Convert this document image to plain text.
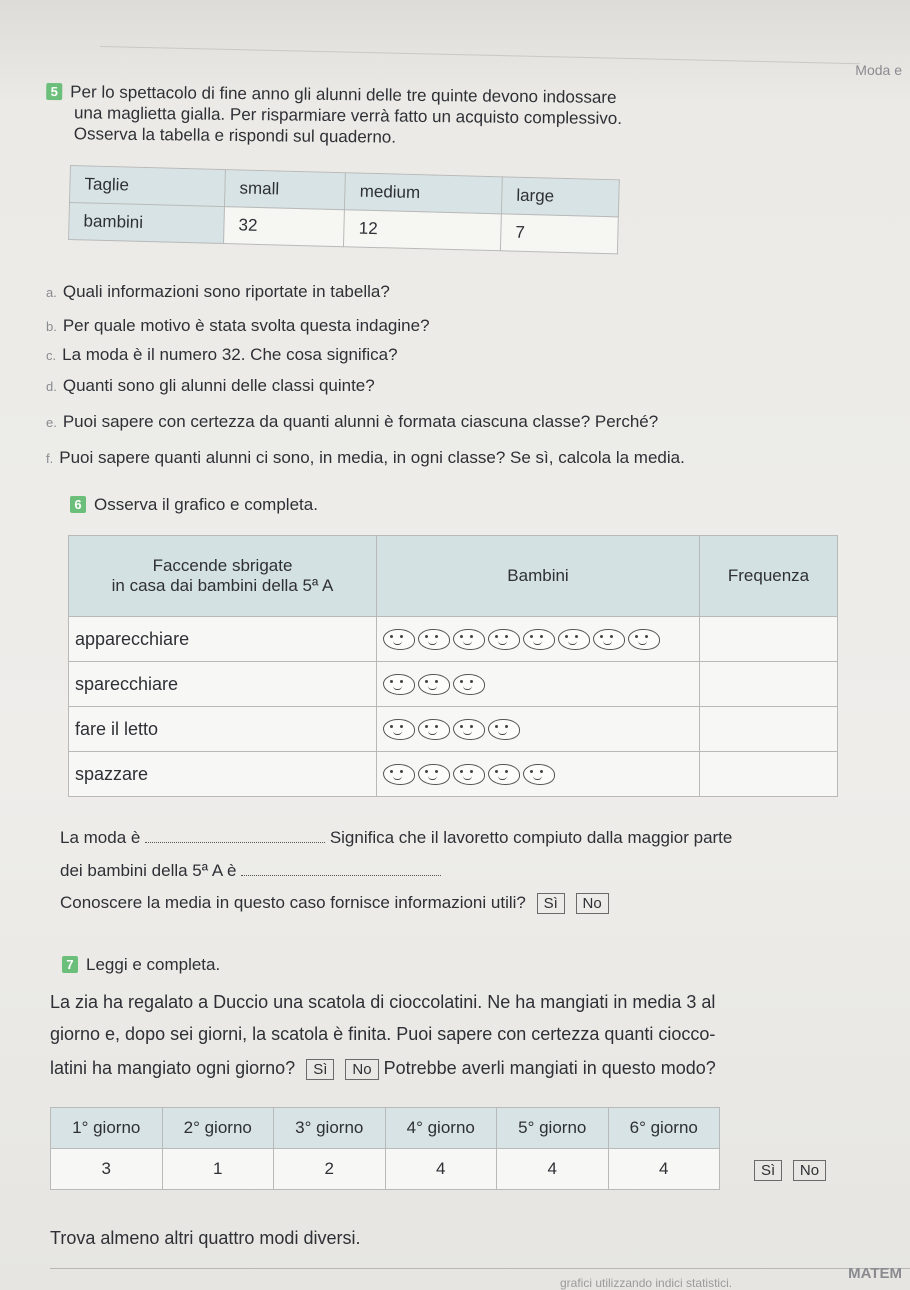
Moda e
5 Per lo spettacolo di fine anno gli alunni delle tre quinte devono indossare
una maglietta gialla. Per risparmiare verrà fatto un acquisto complessivo.
Osserva la tabella e rispondi sul quaderno.
Taglie	small	medium	large
bambini	32	12	7
a. Quali informazioni sono riportate in tabella?
b. Per quale motivo è stata svolta questa indagine?
c. La moda è il numero 32. Che cosa significa?
d. Quanti sono gli alunni delle classi quinte?
e. Puoi sapere con certezza da quanti alunni è formata ciascuna classe? Perché?
f. Puoi sapere quanti alunni ci sono, in media, in ogni classe? Se sì, calcola la media.
6 Osserva il grafico e completa.
Faccende sbrigate
in casa dai bambini della 5ª A	Bambini	Frequenza
apparecchiare		
sparecchiare		
fare il letto		
spazzare		
La moda è	Significa che il lavoretto compiuto dalla maggior parte
dei bambini della 5ª A è
Conoscere la media in questo caso fornisce informazioni utili? Sì No
7 Leggi e completa.
La zia ha regalato a Duccio una scatola di cioccolatini. Ne ha mangiati in media 3 al
giorno e, dopo sei giorni, la scatola è finita. Puoi sapere con certezza quanti ciocco-
latini ha mangiato ogni giorno? Sì No Potrebbe averli mangiati in questo modo?
1° giorno	2° giorno	3° giorno	4° giorno	5° giorno	6° giorno
3	1	2	4	4	4	Sì No
Trova almeno altri quattro modi diversi.
grafici utilizzando indici statistici.
MATEM
